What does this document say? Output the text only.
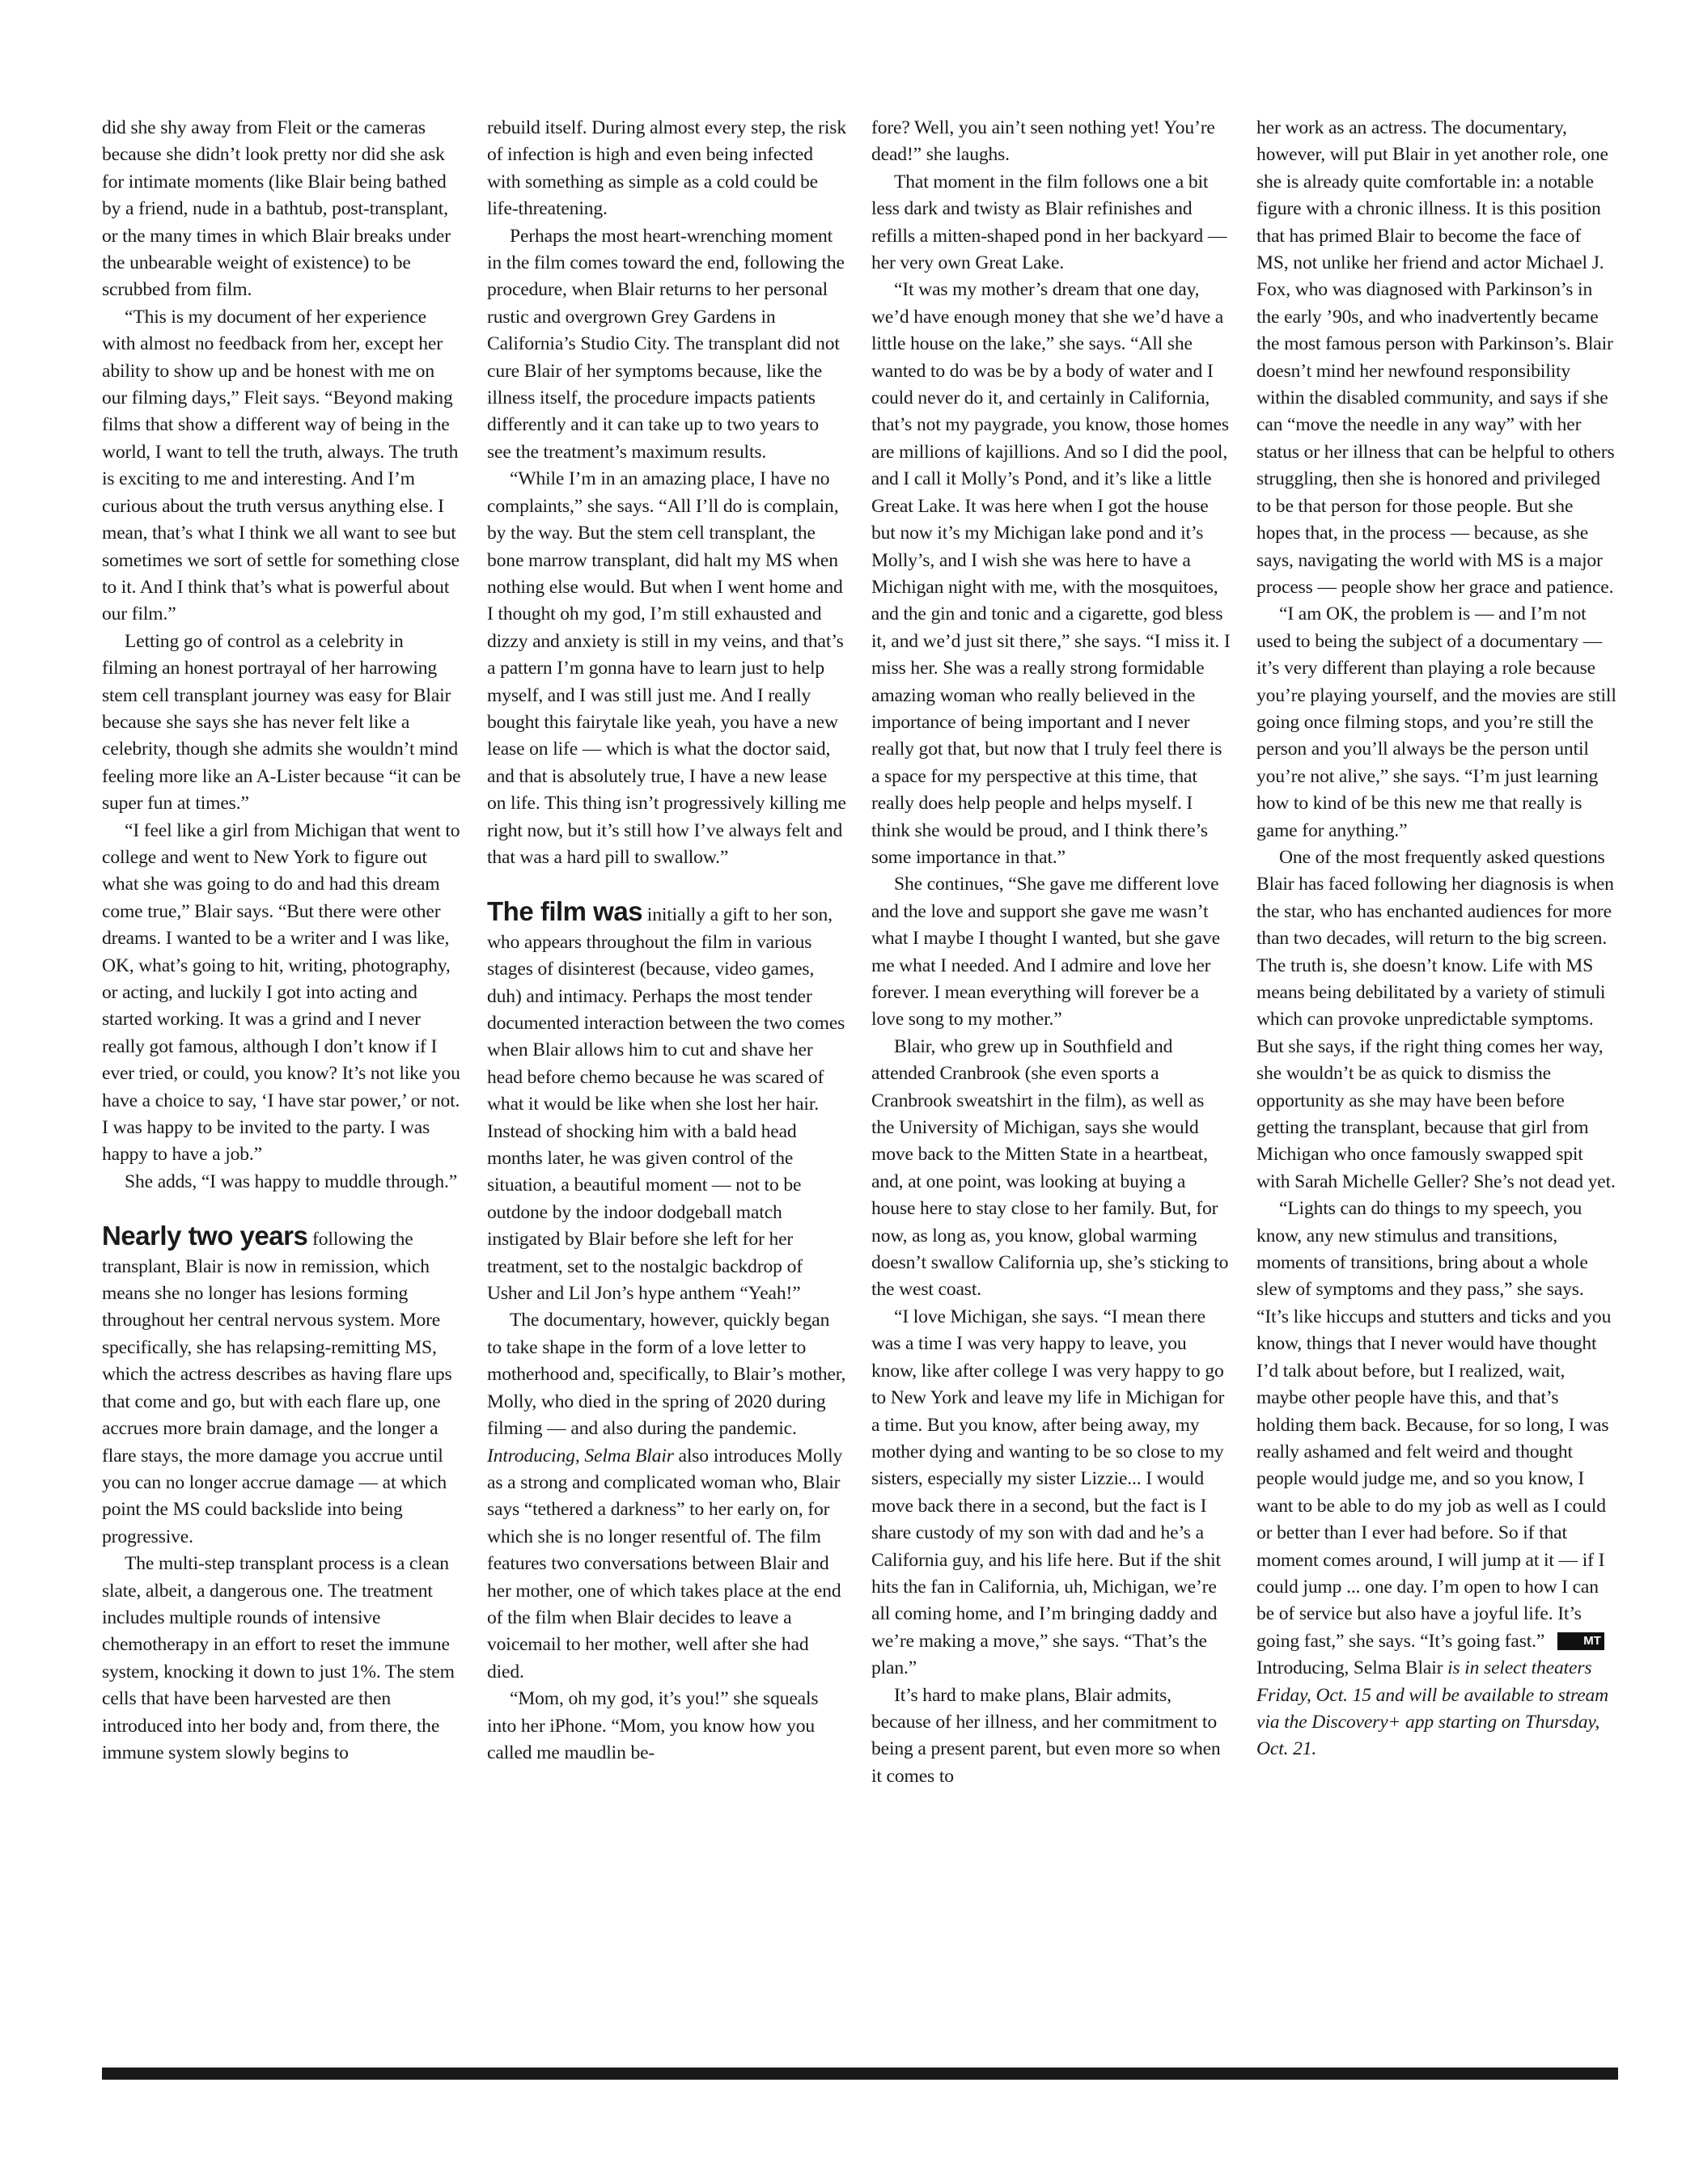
did she shy away from Fleit or the cameras because she didn’t look pretty nor did she ask for intimate moments (like Blair being bathed by a friend, nude in a bathtub, post-transplant, or the many times in which Blair breaks under the unbearable weight of existence) to be scrubbed from film.

“This is my document of her experience with almost no feedback from her, except her ability to show up and be honest with me on our filming days,” Fleit says. “Beyond making films that show a different way of being in the world, I want to tell the truth, always. The truth is exciting to me and interesting. And I’m curious about the truth versus anything else. I mean, that’s what I think we all want to see but sometimes we sort of settle for something close to it. And I think that’s what is powerful about our film.”

Letting go of control as a celebrity in filming an honest portrayal of her harrowing stem cell transplant journey was easy for Blair because she says she has never felt like a celebrity, though she admits she wouldn’t mind feeling more like an A-Lister because “it can be super fun at times.”

“I feel like a girl from Michigan that went to college and went to New York to figure out what she was going to do and had this dream come true,” Blair says. “But there were other dreams. I wanted to be a writer and I was like, OK, what’s going to hit, writing, photography, or acting, and luckily I got into acting and started working. It was a grind and I never really got famous, although I don’t know if I ever tried, or could, you know? It’s not like you have a choice to say, ‘I have star power,’ or not. I was happy to be invited to the party. I was happy to have a job.”

She adds, “I was happy to muddle through.”

Nearly two years following the transplant, Blair is now in remission, which means she no longer has lesions forming throughout her central nervous system. More specifically, she has relapsing-remitting MS, which the actress describes as having flare ups that come and go, but with each flare up, one accrues more brain damage, and the longer a flare stays, the more damage you accrue until you can no longer accrue damage — at which point the MS could backslide into being progressive.

The multi-step transplant process is a clean slate, albeit, a dangerous one. The treatment includes multiple rounds of intensive chemotherapy in an effort to reset the immune system, knocking it down to just 1%. The stem cells that have been harvested are then introduced into her body and, from there, the immune system slowly begins to

rebuild itself. During almost every step, the risk of infection is high and even being infected with something as simple as a cold could be life-threatening.

Perhaps the most heart-wrenching moment in the film comes toward the end, following the procedure, when Blair returns to her personal rustic and overgrown Grey Gardens in California’s Studio City. The transplant did not cure Blair of her symptoms because, like the illness itself, the procedure impacts patients differently and it can take up to two years to see the treatment’s maximum results.

“While I’m in an amazing place, I have no complaints,” she says. “All I’ll do is complain, by the way. But the stem cell transplant, the bone marrow transplant, did halt my MS when nothing else would. But when I went home and I thought oh my god, I’m still exhausted and dizzy and anxiety is still in my veins, and that’s a pattern I’m gonna have to learn just to help myself, and I was still just me. And I really bought this fairytale like yeah, you have a new lease on life — which is what the doctor said, and that is absolutely true, I have a new lease on life. This thing isn’t progressively killing me right now, but it’s still how I’ve always felt and that was a hard pill to swallow.”

The film was initially a gift to her son, who appears throughout the film in various stages of disinterest (because, video games, duh) and intimacy. Perhaps the most tender documented interaction between the two comes when Blair allows him to cut and shave her head before chemo because he was scared of what it would be like when she lost her hair. Instead of shocking him with a bald head months later, he was given control of the situation, a beautiful moment — not to be outdone by the indoor dodgeball match instigated by Blair before she left for her treatment, set to the nostalgic backdrop of Usher and Lil Jon’s hype anthem “Yeah!”

The documentary, however, quickly began to take shape in the form of a love letter to motherhood and, specifically, to Blair’s mother, Molly, who died in the spring of 2020 during filming — and also during the pandemic. Introducing, Selma Blair also introduces Molly as a strong and complicated woman who, Blair says “tethered a darkness” to her early on, for which she is no longer resentful of. The film features two conversations between Blair and her mother, one of which takes place at the end of the film when Blair decides to leave a voicemail to her mother, well after she had died.

“Mom, oh my god, it’s you!” she squeals into her iPhone. “Mom, you know how you called me maudlin be-

fore? Well, you ain’t seen nothing yet! You’re dead!” she laughs.

That moment in the film follows one a bit less dark and twisty as Blair refinishes and refills a mitten-shaped pond in her backyard — her very own Great Lake.

“It was my mother’s dream that one day, we’d have enough money that she we’d have a little house on the lake,” she says. “All she wanted to do was be by a body of water and I could never do it, and certainly in California, that’s not my paygrade, you know, those homes are millions of kajillions. And so I did the pool, and I call it Molly’s Pond, and it’s like a little Great Lake. It was here when I got the house but now it’s my Michigan lake pond and it’s Molly’s, and I wish she was here to have a Michigan night with me, with the mosquitoes, and the gin and tonic and a cigarette, god bless it, and we’d just sit there,” she says. “I miss it. I miss her. She was a really strong formidable amazing woman who really believed in the importance of being important and I never really got that, but now that I truly feel there is a space for my perspective at this time, that really does help people and helps myself. I think she would be proud, and I think there’s some importance in that.”

She continues, “She gave me different love and the love and support she gave me wasn’t what I maybe I thought I wanted, but she gave me what I needed. And I admire and love her forever. I mean everything will forever be a love song to my mother.”

Blair, who grew up in Southfield and attended Cranbrook (she even sports a Cranbrook sweatshirt in the film), as well as the University of Michigan, says she would move back to the Mitten State in a heartbeat, and, at one point, was looking at buying a house here to stay close to her family. But, for now, as long as, you know, global warming doesn’t swallow California up, she’s sticking to the west coast.

“I love Michigan, she says. “I mean there was a time I was very happy to leave, you know, like after college I was very happy to go to New York and leave my life in Michigan for a time. But you know, after being away, my mother dying and wanting to be so close to my sisters, especially my sister Lizzie... I would move back there in a second, but the fact is I share custody of my son with dad and he’s a California guy, and his life here. But if the shit hits the fan in California, uh, Michigan, we’re all coming home, and I’m bringing daddy and we’re making a move,” she says. “That’s the plan.”

It’s hard to make plans, Blair admits, because of her illness, and her commitment to being a present parent, but even more so when it comes to

her work as an actress. The documentary, however, will put Blair in yet another role, one she is already quite comfortable in: a notable figure with a chronic illness. It is this position that has primed Blair to become the face of MS, not unlike her friend and actor Michael J. Fox, who was diagnosed with Parkinson’s in the early ’90s, and who inadvertently became the most famous person with Parkinson’s. Blair doesn’t mind her newfound responsibility within the disabled community, and says if she can “move the needle in any way” with her status or her illness that can be helpful to others struggling, then she is honored and privileged to be that person for those people. But she hopes that, in the process — because, as she says, navigating the world with MS is a major process — people show her grace and patience.

“I am OK, the problem is — and I’m not used to being the subject of a documentary — it’s very different than playing a role because you’re playing yourself, and the movies are still going once filming stops, and you’re still the person and you’ll always be the person until you’re not alive,” she says. “I’m just learning how to kind of be this new me that really is game for anything.”

One of the most frequently asked questions Blair has faced following her diagnosis is when the star, who has enchanted audiences for more than two decades, will return to the big screen. The truth is, she doesn’t know. Life with MS means being debilitated by a variety of stimuli which can provoke unpredictable symptoms. But she says, if the right thing comes her way, she wouldn’t be as quick to dismiss the opportunity as she may have been before getting the transplant, because that girl from Michigan who once famously swapped spit with Sarah Michelle Geller? She’s not dead yet.

“Lights can do things to my speech, you know, any new stimulus and transitions, moments of transitions, bring about a whole slew of symptoms and they pass,” she says. “It’s like hiccups and stutters and ticks and you know, things that I never would have thought I’d talk about before, but I realized, wait, maybe other people have this, and that’s holding them back. Because, for so long, I was really ashamed and felt weird and thought people would judge me, and so you know, I want to be able to do my job as well as I could or better than I ever had before. So if that moment comes around, I will jump at it — if I could jump ... one day. I’m open to how I can be of service but also have a joyful life. It’s going fast,” she says. “It’s going fast.”	MT

Introducing, Selma Blair is in select theaters Friday, Oct. 15 and will be available to stream via the Discovery+ app starting on Thursday, Oct. 21.
